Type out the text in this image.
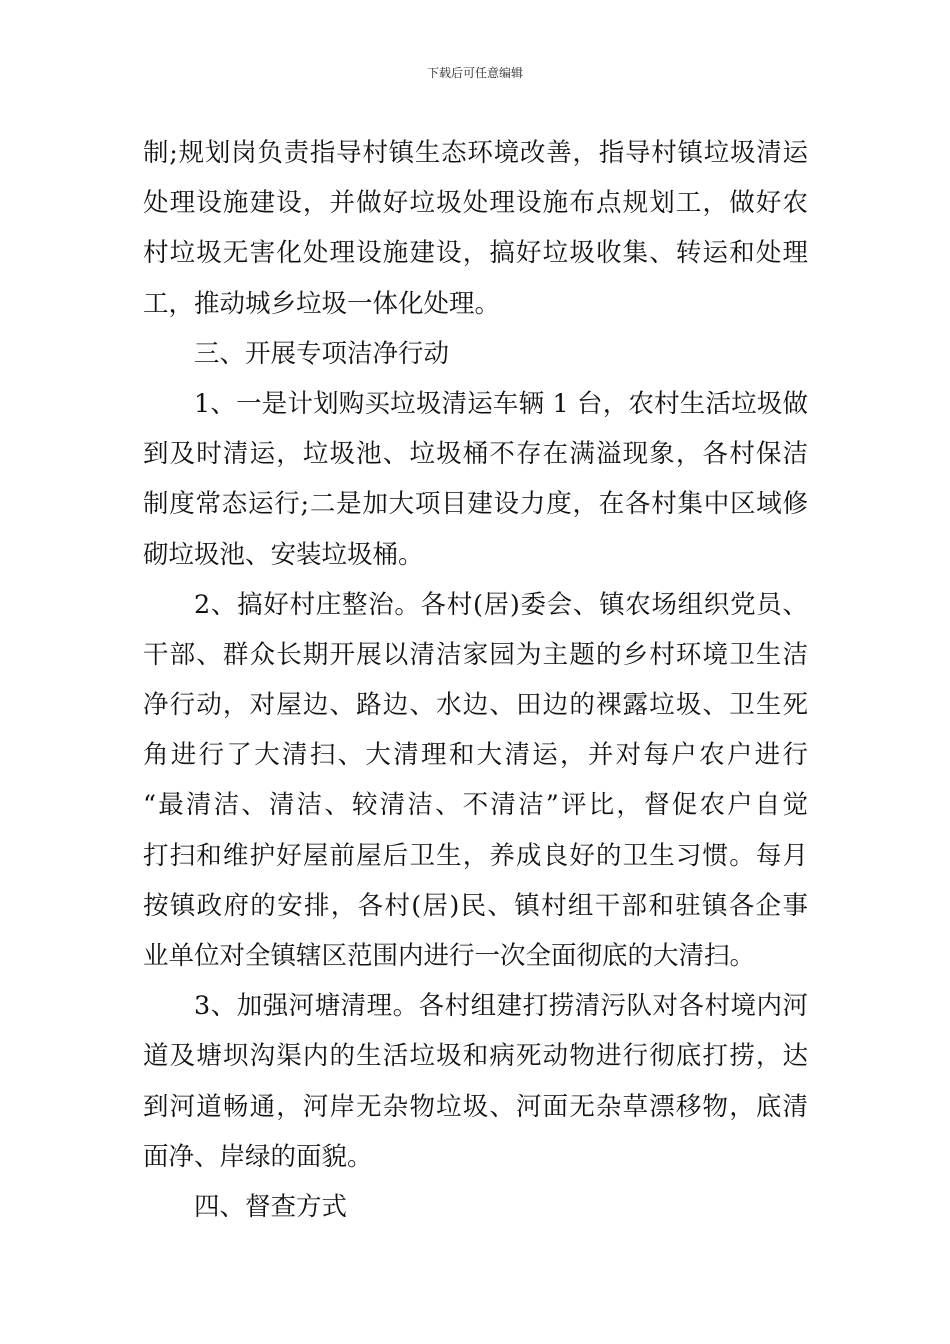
下载后可任意编辑
制;规划岗负责指导村镇生态环境改善，指导村镇垃圾清运
处理设施建设，并做好垃圾处理设施布点规划工，做好农
村垃圾无害化处理设施建设，搞好垃圾收集、转运和处理
工，推动城乡垃圾一体化处理。
三、开展专项洁净行动
1、一是计划购买垃圾清运车辆 1 台，农村生活垃圾做
到及时清运，垃圾池、垃圾桶不存在满溢现象，各村保洁
制度常态运行;二是加大项目建设力度，在各村集中区域修
砌垃圾池、安装垃圾桶。
2、搞好村庄整治。各村(居)委会、镇农场组织党员、
干部、群众长期开展以清洁家园为主题的乡村环境卫生洁
净行动，对屋边、路边、水边、田边的裸露垃圾、卫生死
角进行了大清扫、大清理和大清运，并对每户农户进行
“最清洁、清洁、较清洁、不清洁”评比，督促农户自觉
打扫和维护好屋前屋后卫生，养成良好的卫生习惯。每月
按镇政府的安排，各村(居)民、镇村组干部和驻镇各企事
业单位对全镇辖区范围内进行一次全面彻底的大清扫。
3、加强河塘清理。各村组建打捞清污队对各村境内河
道及塘坝沟渠内的生活垃圾和病死动物进行彻底打捞，达
到河道畅通，河岸无杂物垃圾、河面无杂草漂移物，底清
面净、岸绿的面貌。
四、督查方式
